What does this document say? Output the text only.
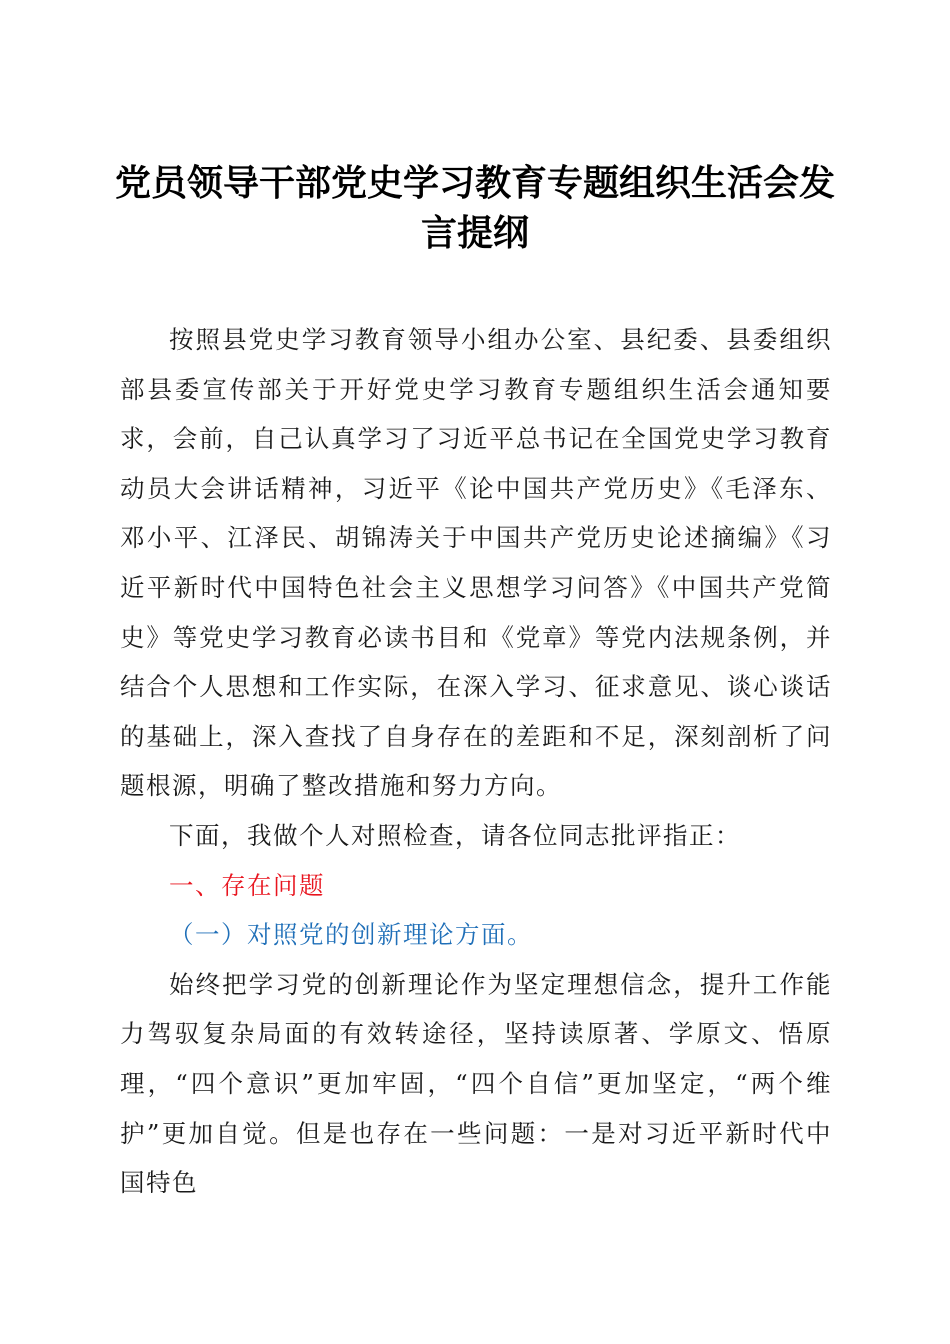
党员领导干部党史学习教育专题组织生活会发言提纲

按照县党史学习教育领导小组办公室、县纪委、县委组织部县委宣传部关于开好党史学习教育专题组织生活会通知要求，会前，自己认真学习了习近平总书记在全国党史学习教育动员大会讲话精神，习近平《论中国共产党历史》《毛泽东、邓小平、江泽民、胡锦涛关于中国共产党历史论述摘编》《习近平新时代中国特色社会主义思想学习问答》《中国共产党简史》等党史学习教育必读书目和《党章》等党内法规条例，并结合个人思想和工作实际，在深入学习、征求意见、谈心谈话的基础上，深入查找了自身存在的差距和不足，深刻剖析了问题根源，明确了整改措施和努力方向。

下面，我做个人对照检查，请各位同志批评指正：

一、存在问题

（一）对照党的创新理论方面。

始终把学习党的创新理论作为坚定理想信念，提升工作能力驾驭复杂局面的有效转途径，坚持读原著、学原文、悟原理，“四个意识”更加牢固，“四个自信”更加坚定，“两个维护”更加自觉。但是也存在一些问题：一是对习近平新时代中国特色
